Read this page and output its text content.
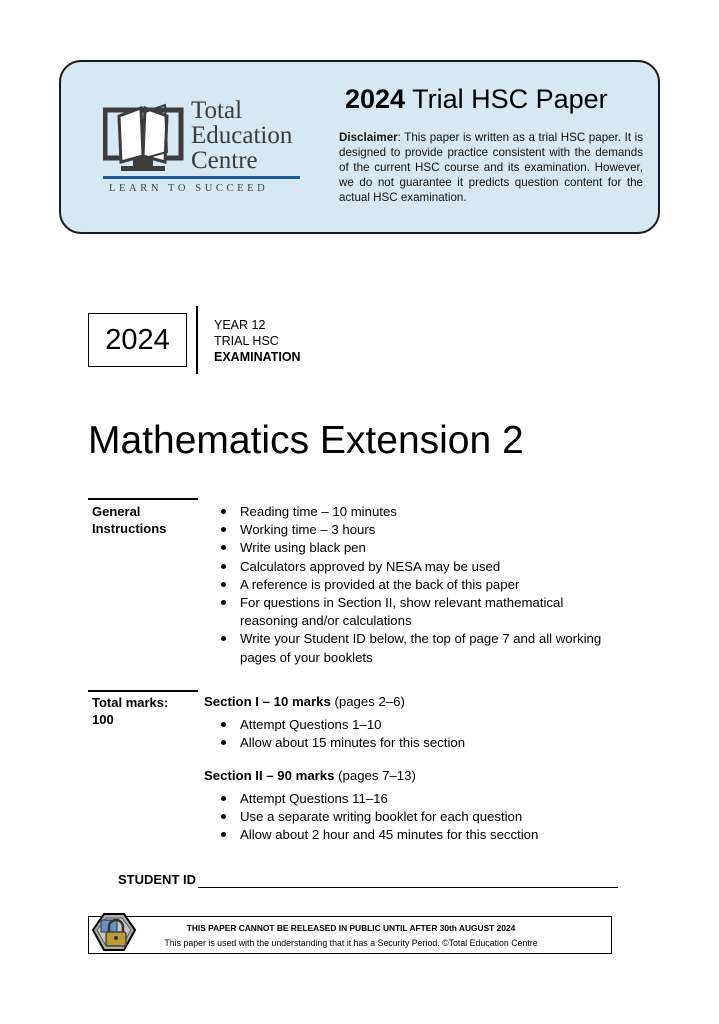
Total
Education
Centre
LEARN TO SUCCEED
2024 Trial HSC Paper
Disclaimer: This paper is written as a trial HSC paper. It is designed to provide practice consistent with the demands of the current HSC course and its examination. However, we do not guarantee it predicts question content for the actual HSC examination.
2024	YEAR 12
TRIAL HSC
EXAMINATION
Mathematics Extension 2
General
Instructions
Reading time – 10 minutes
Working time – 3 hours
Write using black pen
Calculators approved by NESA may be used
A reference is provided at the back of this paper
For questions in Section II, show relevant mathematical reasoning and/or calculations
Write your Student ID below, the top of page 7 and all working pages of your booklets
Total marks:
100
Section I – 10 marks (pages 2–6)
Attempt Questions 1–10
Allow about 15 minutes for this section
Section II – 90 marks (pages 7–13)
Attempt Questions 11–16
Use a separate writing booklet for each question
Allow about 2 hour and 45 minutes for this secction
STUDENT ID
THIS PAPER CANNOT BE RELEASED IN PUBLIC UNTIL AFTER 30th AUGUST 2024
This paper is used with the understanding that it has a Security Period. ©Total Education Centre
